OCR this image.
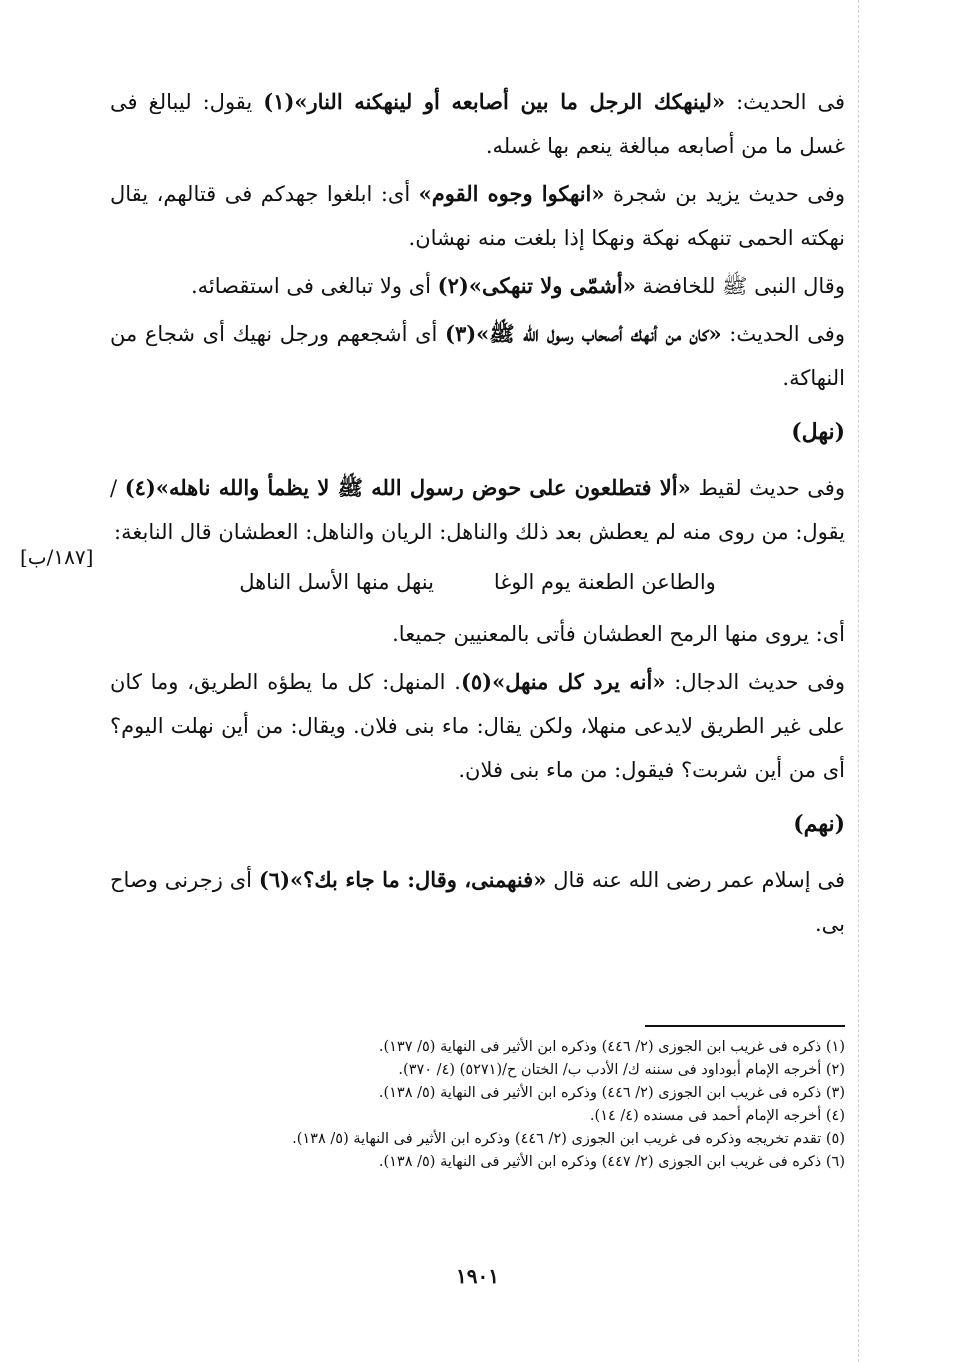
فى الحديث: «لينهكك الرجل ما بين أصابعه أو لينهكنه النار»(١) يقول: ليبالغ فى غسل ما من أصابعه مبالغة ينعم بها غسله.

وفى حديث يزيد بن شجرة «انهكوا وجوه القوم» أى: ابلغوا جهدكم فى قتالهم، يقال نهكته الحمى تنهكه نهكة ونهكا إذا بلغت منه نهشان.

وقال النبى ﷺ للخافضة «أشمّى ولا تنهكى»(٢) أى ولا تبالغى فى استقصائه.

وفى الحديث: «كان من أنهك أصحاب رسول الله ﷺ»(٣) أى أشجعهم ورجل نهيك أى شجاع من النهاكة.

(نهل)

وفى حديث لقيط «ألا فتطلعون على حوض رسول الله ﷺ لا يظمأ والله ناهله»(٤) / يقول: من روى منه لم يعطش بعد ذلك والناهل: الريان والناهل: العطشان قال النابغة:

والطاعن الطعنة يوم الوغا
ينهل منها الأسل الناهل

أى: يروى منها الرمح العطشان فأتى بالمعنيين جميعا.

وفى حديث الدجال: «أنه يرد كل منهل»(٥). المنهل: كل ما يطؤه الطريق، وما كان على غير الطريق لايدعى منهلا، ولكن يقال: ماء بنى فلان. ويقال: من أين نهلت اليوم؟ أى من أين شربت؟ فيقول: من ماء بنى فلان.

(نهم)

فى إسلام عمر رضى الله عنه قال «فنهمنى، وقال: ما جاء بك؟»(٦) أى زجرنى وصاح بى.

[١٨٧/ب]

(١) ذكره فى غريب ابن الجوزى (٢/ ٤٤٦) وذكره ابن الأثير فى النهاية (٥/ ١٣٧).

(٢) أخرجه الإمام أبوداود فى سننه ك/ الأدب ب/ الختان ح/(٥٢٧١) (٤/ ٣٧٠).

(٣) ذكره فى غريب ابن الجوزى (٢/ ٤٤٦) وذكره ابن الأثير فى النهاية (٥/ ١٣٨).

(٤) أخرجه الإمام أحمد فى مسنده (٤/ ١٤).

(٥) تقدم تخريجه وذكره فى غريب ابن الجوزى (٢/ ٤٤٦) وذكره ابن الأثير فى النهاية (٥/ ١٣٨).

(٦) ذكره فى غريب ابن الجوزى (٢/ ٤٤٧) وذكره ابن الأثير فى النهاية (٥/ ١٣٨).

١٩٠١
